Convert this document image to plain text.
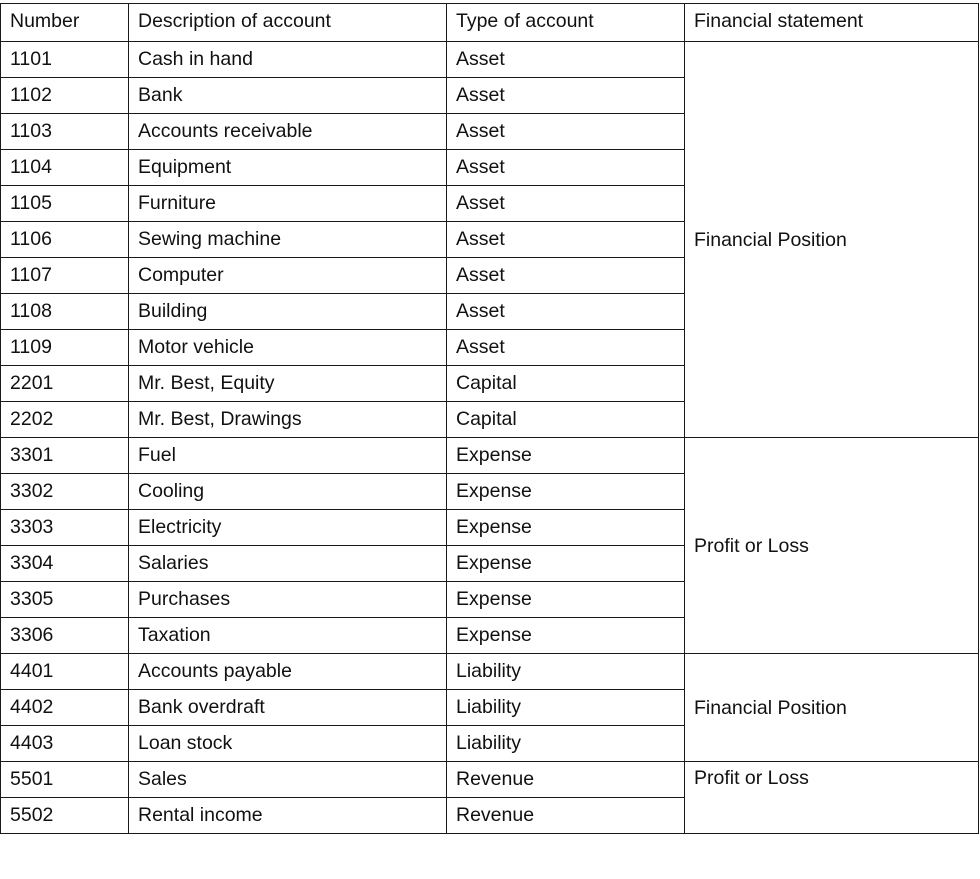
Number	Description of account	Type of account	Financial statement
1101	Cash in hand	Asset	Financial Position
1102	Bank	Asset	
1103	Accounts receivable	Asset	
1104	Equipment	Asset	
1105	Furniture	Asset	
1106	Sewing machine	Asset	
1107	Computer	Asset	
1108	Building	Asset	
1109	Motor vehicle	Asset	
2201	Mr. Best, Equity	Capital	
2202	Mr. Best, Drawings	Capital	
3301	Fuel	Expense	Profit or Loss
3302	Cooling	Expense	
3303	Electricity	Expense	
3304	Salaries	Expense	
3305	Purchases	Expense	
3306	Taxation	Expense	
4401	Accounts payable	Liability	Financial Position
4402	Bank overdraft	Liability	
4403	Loan stock	Liability	
5501	Sales	Revenue	Profit or Loss
5502	Rental income	Revenue	
